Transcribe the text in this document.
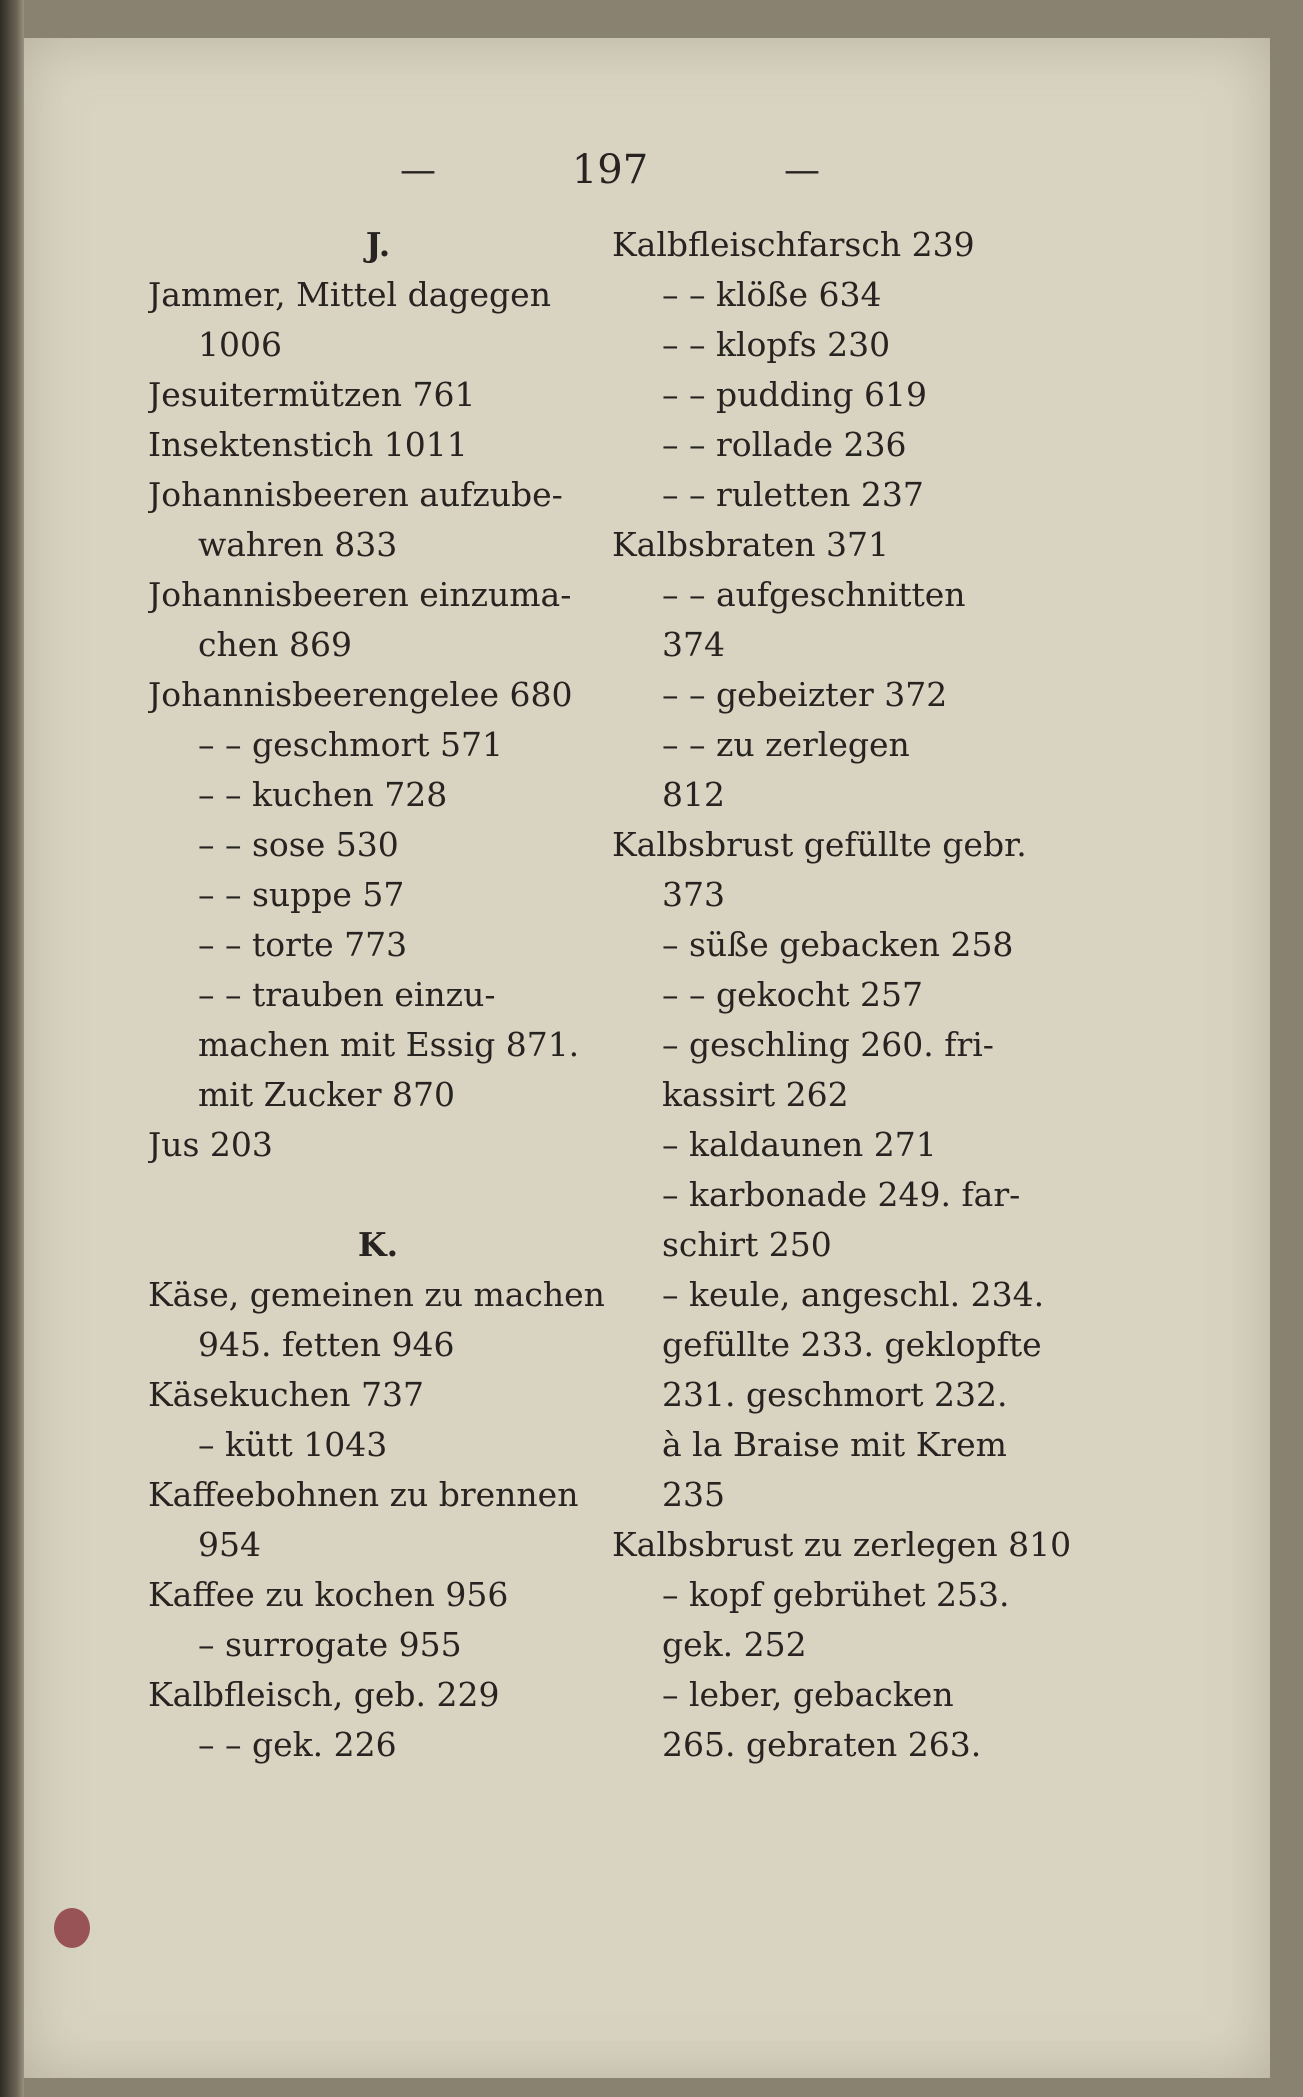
—	197	—
J.
Jammer, Mittel dagegen
1006
Jesuitermützen 761
Insektenstich 1011
Johannisbeeren aufzube-
wahren 833
Johannisbeeren einzuma-
chen 869
Johannisbeerengelee 680
– – geschmort 571
– – kuchen 728
– – sose 530
– – suppe 57
– – torte 773
– – trauben einzu-
machen mit Essig 871.
mit Zucker 870
Jus 203
K.
Käse, gemeinen zu machen
945. fetten 946
Käsekuchen 737
– kütt 1043
Kaffeebohnen zu brennen
954
Kaffee zu kochen 956
– surrogate 955
Kalbfleisch, geb. 229
– – gek. 226
Kalbfleischfarsch 239
– – klöße 634
– – klopfs 230
– – pudding 619
– – rollade 236
– – ruletten 237
Kalbsbraten 371
– – aufgeschnitten
374
– – gebeizter 372
– – zu zerlegen
812
Kalbsbrust gefüllte gebr.
373
– süße gebacken 258
– – gekocht 257
– geschling 260. fri-
kassirt 262
– kaldaunen 271
– karbonade 249. far-
schirt 250
– keule, angeschl. 234.
gefüllte 233. geklopfte
231. geschmort 232.
à la Braise mit Krem
235
Kalbsbrust zu zerlegen 810
– kopf gebrühet 253.
gek. 252
– leber, gebacken
265. gebraten 263.
